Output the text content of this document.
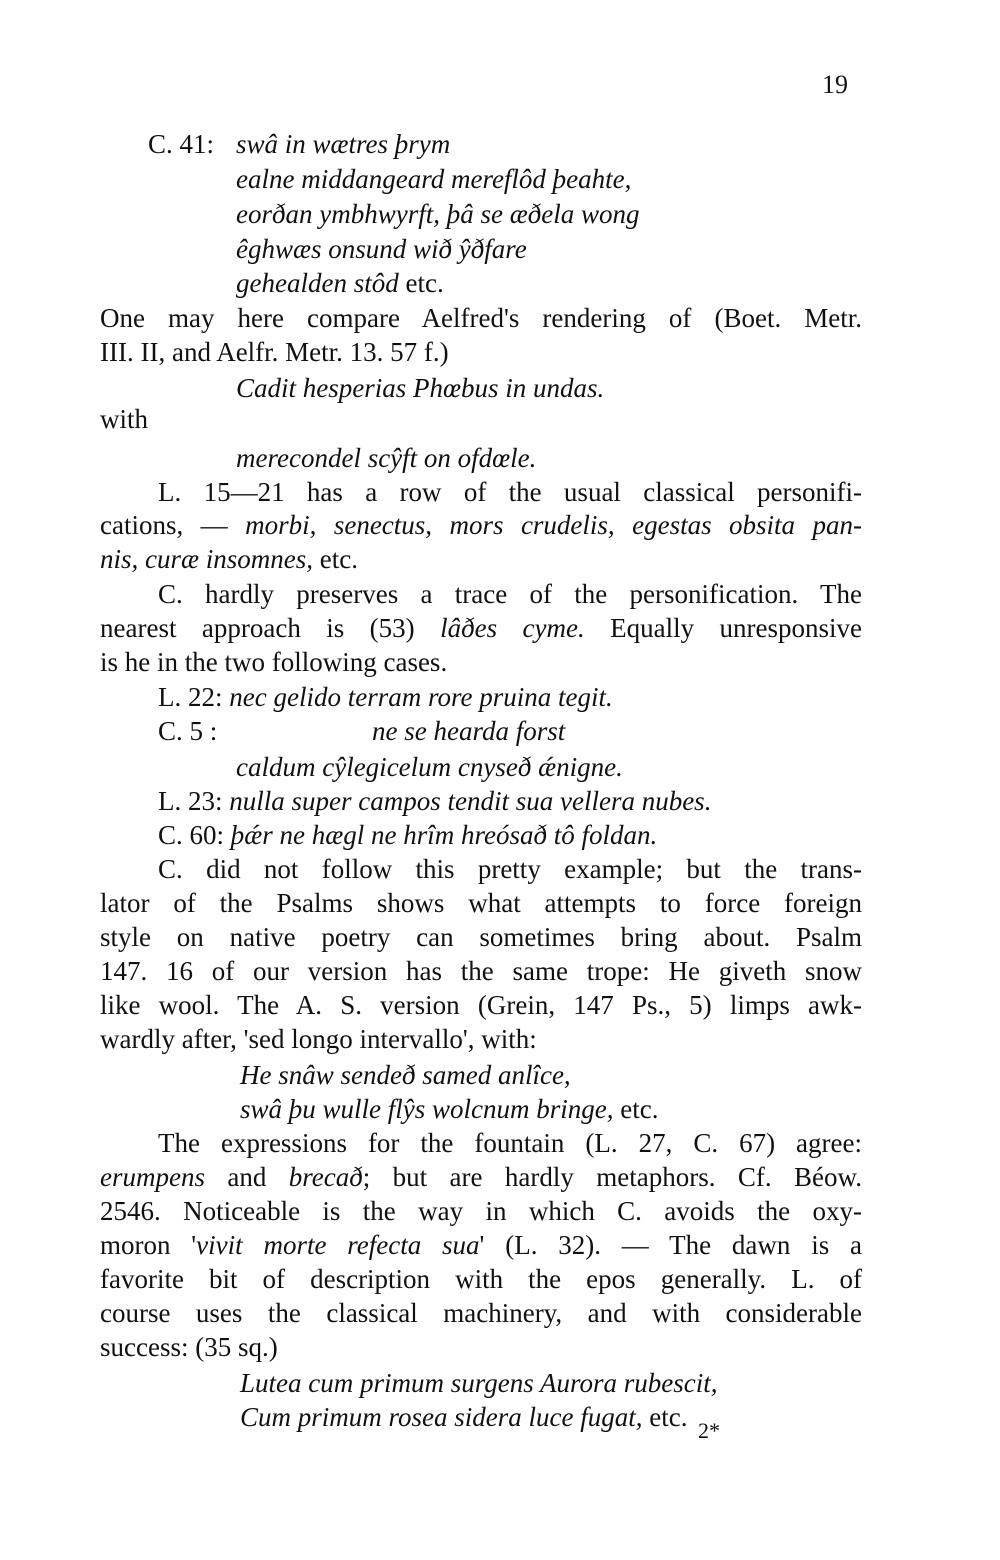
19
C. 41: swâ in wætres þrym
ealne middangeard mereflôd þeahte,
eorðan ymbhwyrft, þâ se æðela wong
êghwæs onsund wið ŷðfare
gehealden stôd etc.
One may here compare Aelfred's rendering of (Boet. Metr.
III. II, and Aelfr. Metr. 13. 57 f.)
Cadit hesperias Phœbus in undas.
with
merecondel scŷft on ofdœle.
L. 15—21 has a row of the usual classical personifi-
cations, — morbi, senectus, mors crudelis, egestas obsita pan-
nis, curæ insomnes, etc.
C. hardly preserves a trace of the personification. The
nearest approach is (53) lâðes cyme. Equally unresponsive
is he in the two following cases.
L. 22: nec gelido terram rore pruina tegit.
C. 5 :	ne se hearda forst
caldum cŷlegicelum cnyseð ǽnigne.
L. 23: nulla super campos tendit sua vellera nubes.
C. 60: þǽr ne hægl ne hrîm hreósað tô foldan.
C. did not follow this pretty example; but the trans-
lator of the Psalms shows what attempts to force foreign
style on native poetry can sometimes bring about. Psalm
147. 16 of our version has the same trope: He giveth snow
like wool. The A. S. version (Grein, 147 Ps., 5) limps awk-
wardly after, 'sed longo intervallo', with:
He snâw sendeð samed anlîce,
swâ þu wulle flŷs wolcnum bringe, etc.
The expressions for the fountain (L. 27, C. 67) agree:
erumpens and brecað; but are hardly metaphors. Cf. Béow.
2546. Noticeable is the way in which C. avoids the oxy-
moron 'vivit morte refecta sua' (L. 32). — The dawn is a
favorite bit of description with the epos generally. L. of
course uses the classical machinery, and with considerable
success: (35 sq.)
Lutea cum primum surgens Aurora rubescit,
Cum primum rosea sidera luce fugat, etc. 2*
